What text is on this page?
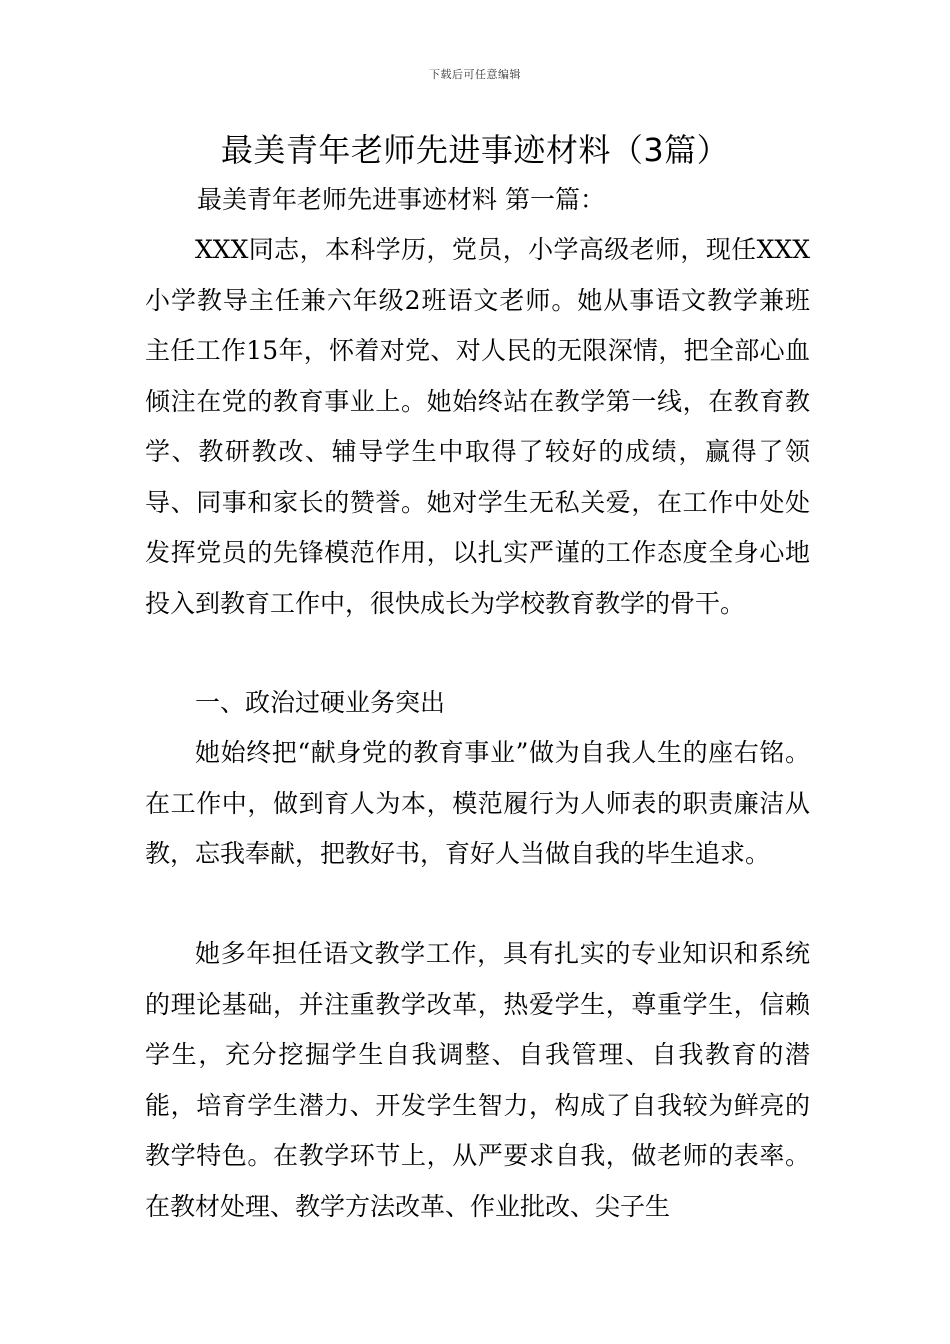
下载后可任意编辑
最美青年老师先进事迹材料（3篇）
最美青年老师先进事迹材料 第一篇：

XXX同志，本科学历，党员，小学高级老师，现任XXX小学教导主任兼六年级2班语文老师。她从事语文教学兼班主任工作15年，怀着对党、对人民的无限深情，把全部心血倾注在党的教育事业上。她始终站在教学第一线，在教育教学、教研教改、辅导学生中取得了较好的成绩，赢得了领导、同事和家长的赞誉。她对学生无私关爱，在工作中处处发挥党员的先锋模范作用，以扎实严谨的工作态度全身心地投入到教育工作中，很快成长为学校教育教学的骨干。

一、政治过硬业务突出

她始终把“献身党的教育事业”做为自我人生的座右铭。在工作中，做到育人为本，模范履行为人师表的职责廉洁从教，忘我奉献，把教好书，育好人当做自我的毕生追求。

她多年担任语文教学工作，具有扎实的专业知识和系统的理论基础，并注重教学改革，热爱学生，尊重学生，信赖学生，充分挖掘学生自我调整、自我管理、自我教育的潜能，培育学生潜力、开发学生智力，构成了自我较为鲜亮的教学特色。在教学环节上，从严要求自我，做老师的表率。在教材处理、教学方法改革、作业批改、尖子生
